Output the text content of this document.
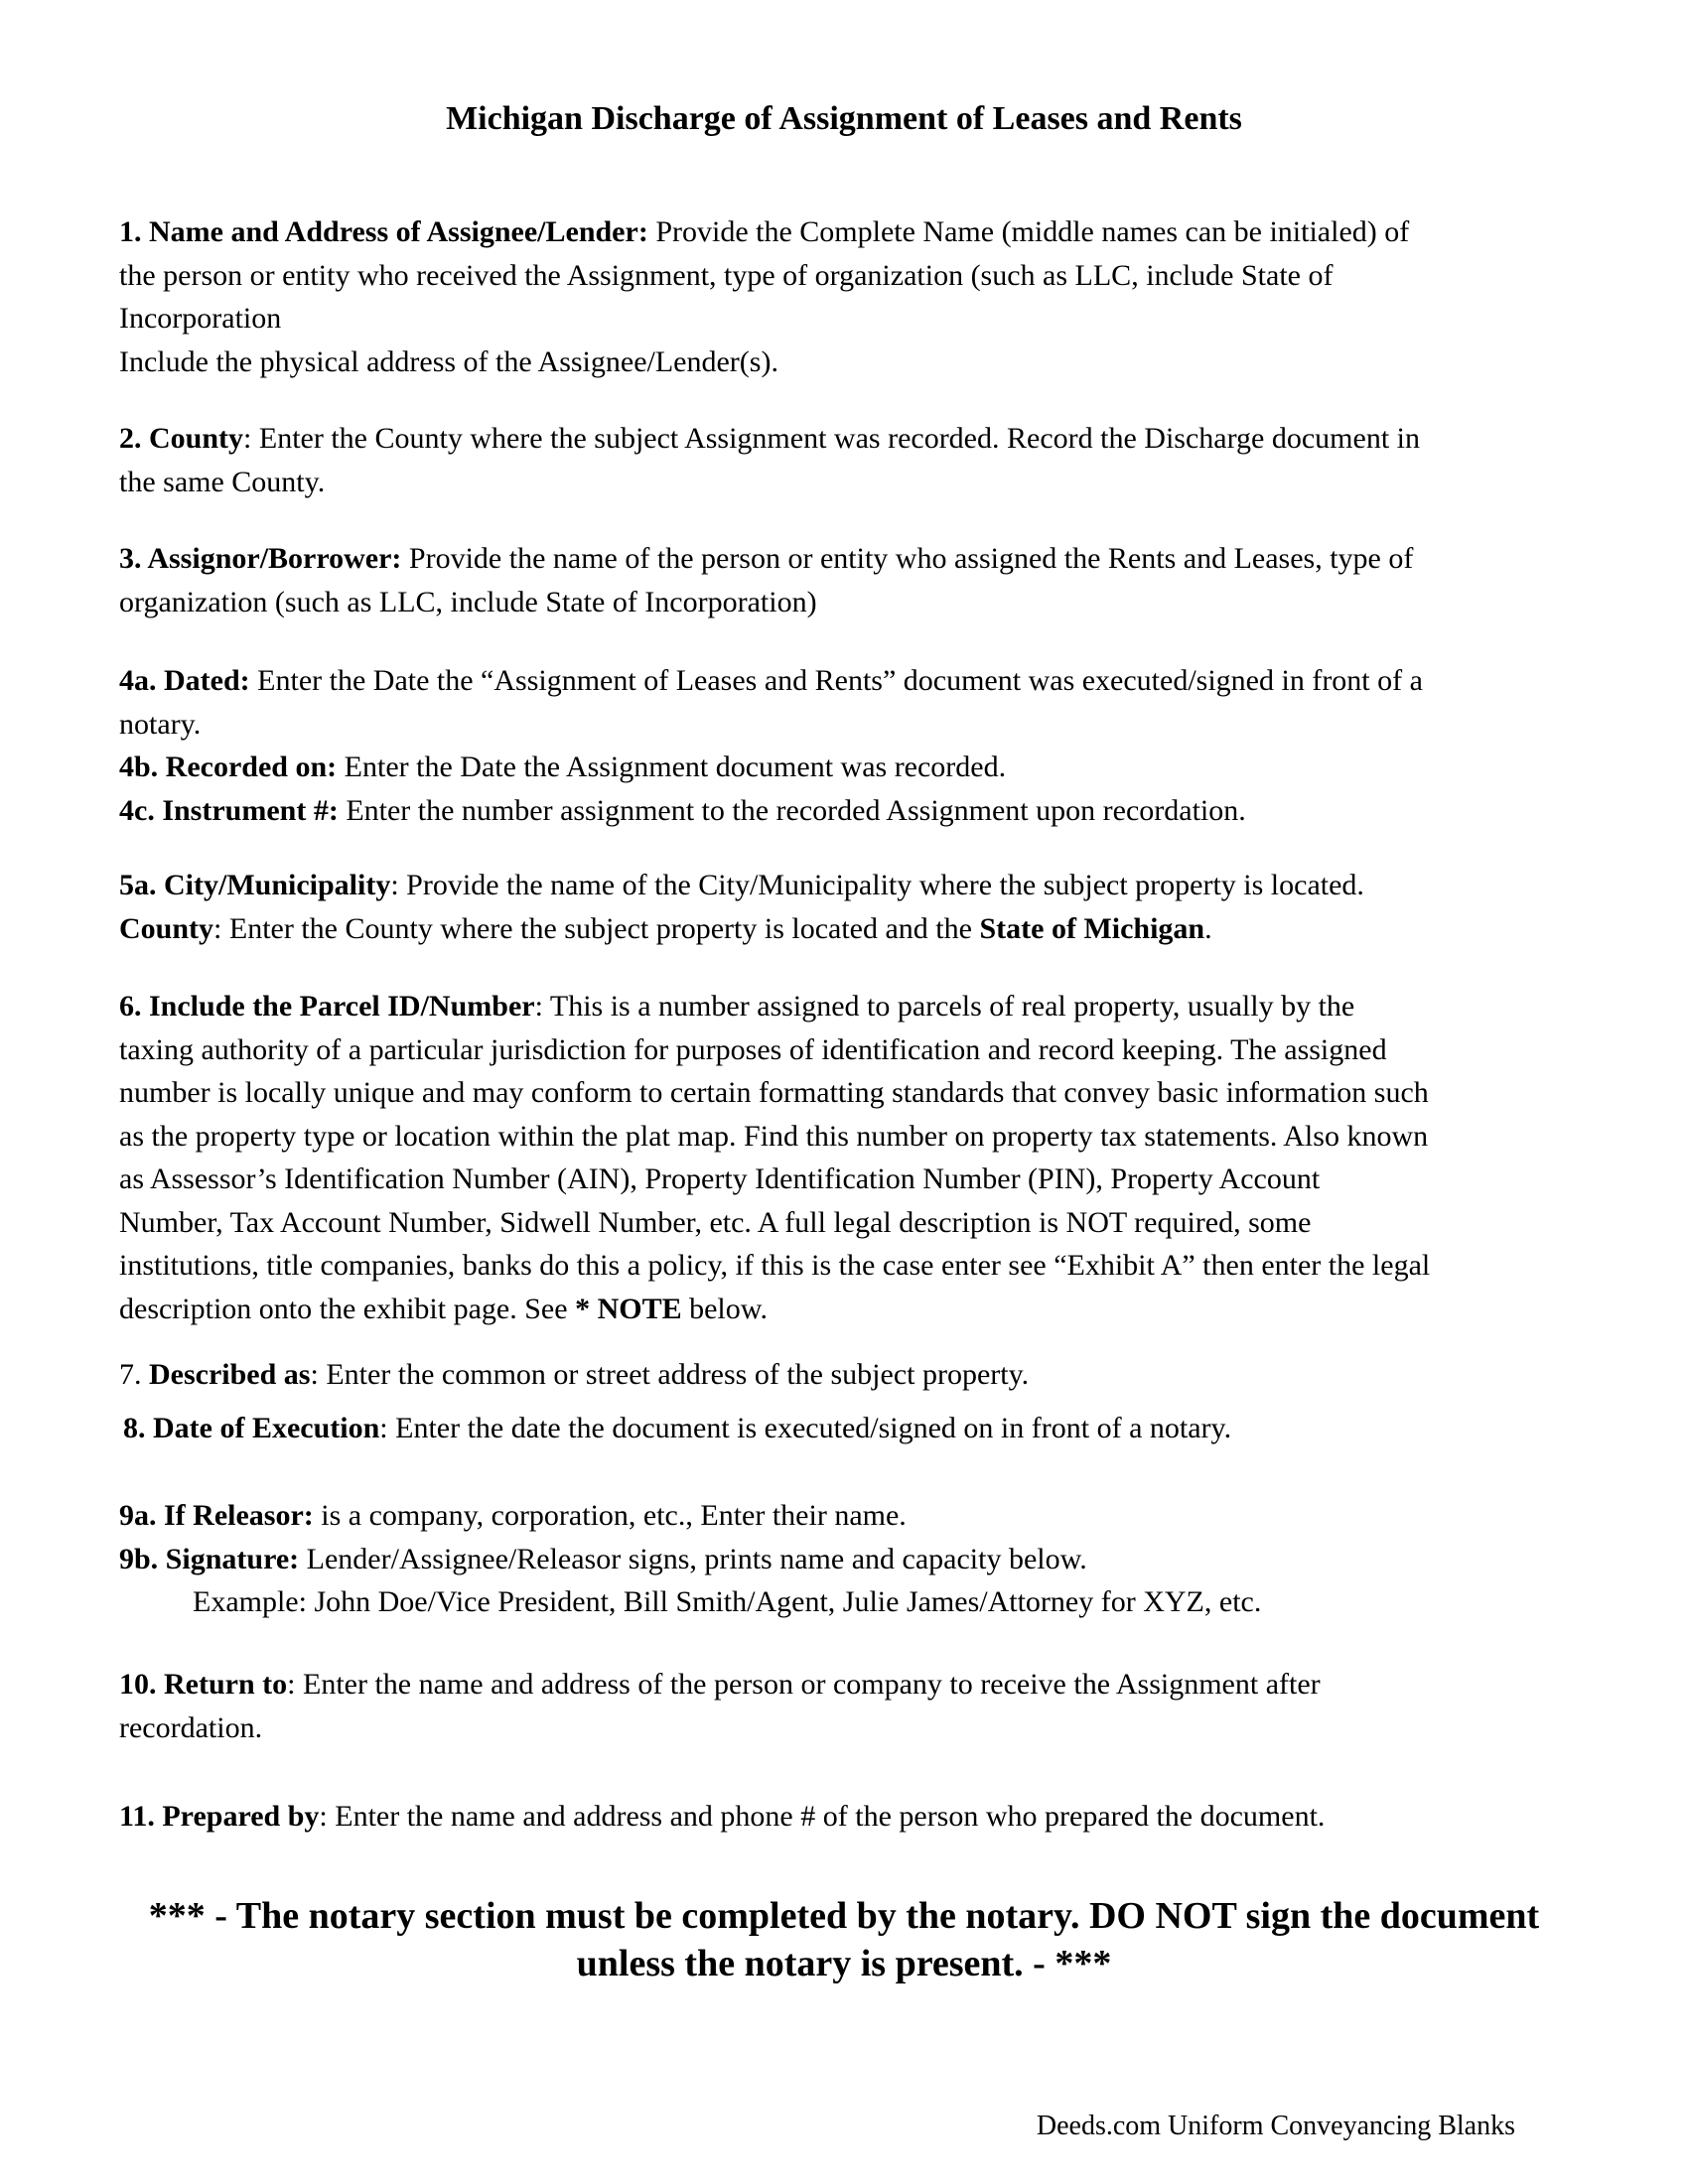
Michigan Discharge of Assignment of Leases and Rents
1. Name and Address of Assignee/Lender: Provide the Complete Name (middle names can be initialed) of
the person or entity who received the Assignment, type of organization (such as LLC, include State of
Incorporation
Include the physical address of the Assignee/Lender(s).
2. County: Enter the County where the subject Assignment was recorded. Record the Discharge document in
the same County.
3. Assignor/Borrower: Provide the name of the person or entity who assigned the Rents and Leases, type of
organization (such as LLC, include State of Incorporation)
4a. Dated: Enter the Date the “Assignment of Leases and Rents” document was executed/signed in front of a
notary.
4b. Recorded on: Enter the Date the Assignment document was recorded.
4c. Instrument #: Enter the number assignment to the recorded Assignment upon recordation.
5a. City/Municipality: Provide the name of the City/Municipality where the subject property is located.
County: Enter the County where the subject property is located and the State of Michigan.
6. Include the Parcel ID/Number: This is a number assigned to parcels of real property, usually by the
taxing authority of a particular jurisdiction for purposes of identification and record keeping. The assigned
number is locally unique and may conform to certain formatting standards that convey basic information such
as the property type or location within the plat map. Find this number on property tax statements. Also known
as Assessor’s Identification Number (AIN), Property Identification Number (PIN), Property Account
Number, Tax Account Number, Sidwell Number, etc. A full legal description is NOT required, some
institutions, title companies, banks do this a policy, if this is the case enter see “Exhibit A” then enter the legal
description onto the exhibit page. See * NOTE below.
7. Described as: Enter the common or street address of the subject property.
8. Date of Execution: Enter the date the document is executed/signed on in front of a notary.
9a. If Releasor: is a company, corporation, etc., Enter their name.
9b. Signature: Lender/Assignee/Releasor signs, prints name and capacity below.
Example: John Doe/Vice President, Bill Smith/Agent, Julie James/Attorney for XYZ, etc.
10. Return to: Enter the name and address of the person or company to receive the Assignment after
recordation.
11. Prepared by: Enter the name and address and phone # of the person who prepared the document.
*** - The notary section must be completed by the notary. DO NOT sign the document
unless the notary is present. - ***
Deeds.com Uniform Conveyancing Blanks
